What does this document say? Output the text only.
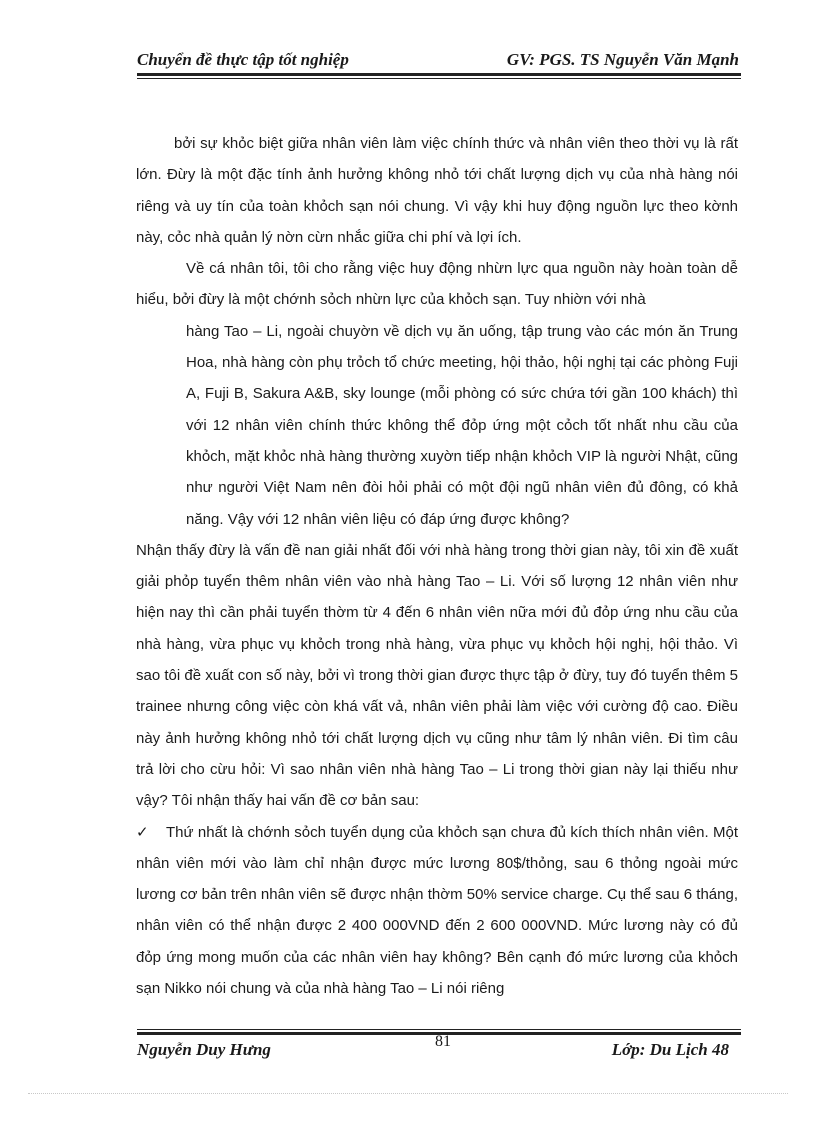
Chuyển đề thực tập tốt nghiệp	GV: PGS. TS Nguyễn Văn Mạnh

bởi sự khỏc biệt giữa nhân viên làm việc chính thức và nhân viên theo thời vụ là rất lớn. Đừy là một đặc tính ảnh hưởng không nhỏ tới chất lượng dịch vụ của nhà hàng nói riêng và uy tín của toàn khỏch sạn nói chung. Vì vậy khi huy động nguồn lực theo kờnh này, cỏc nhà quản lý nờn cừn nhắc giữa chi phí và lợi ích.

Về cá nhân tôi, tôi cho rằng việc huy động nhừn lực qua nguồn này hoàn toàn dễ hiểu, bởi đừy là một chớnh sỏch nhừn lực của khỏch sạn. Tuy nhiờn với nhà

hàng Tao – Li, ngoài chuyờn về dịch vụ ăn uống, tập trung vào các món ăn Trung Hoa, nhà hàng còn phụ trỏch tổ chức meeting, hội thảo, hội nghị tại các phòng Fuji A, Fuji B, Sakura A&B, sky lounge (mỗi phòng có sức chứa tới gần 100 khách) thì với 12 nhân viên chính thức không thể đỏp ứng một cỏch tốt nhất nhu cầu của khỏch, mặt khỏc nhà hàng thường xuyờn tiếp nhận khỏch VIP là người Nhật, cũng như người Việt Nam nên đòi hỏi phải có một đội ngũ nhân viên đủ đông, có khả năng. Vậy với 12 nhân viên liệu có đáp ứng được không?

Nhận thấy đừy là vấn đề nan giải nhất đối với nhà hàng trong thời gian này, tôi xin đề xuất giải phỏp tuyển thêm nhân viên vào nhà hàng Tao – Li. Với số lượng 12 nhân viên như hiện nay thì cần phải tuyển thờm từ 4 đến 6 nhân viên nữa mới đủ đỏp ứng nhu cầu của nhà hàng, vừa phục vụ khỏch trong nhà hàng, vừa phục vụ khỏch hội nghị, hội thảo. Vì sao tôi đề xuất con số này, bởi vì trong thời gian được thực tập ở đừy, tuy đó tuyển thêm 5 trainee nhưng công việc còn khá vất vả, nhân viên phải làm việc với cường độ cao. Điều này ảnh hưởng không nhỏ tới chất lượng dịch vụ cũng như tâm lý nhân viên. Đi tìm câu trả lời cho cừu hỏi: Vì sao nhân viên nhà hàng Tao – Li trong thời gian này lại thiếu như vậy? Tôi nhận thấy hai vấn đề cơ bản sau:

✓ Thứ nhất là chớnh sỏch tuyển dụng của khỏch sạn chưa đủ kích thích nhân viên. Một nhân viên mới vào làm chỉ nhận được mức lương 80$/thỏng, sau 6 thỏng ngoài mức lương cơ bản trên nhân viên sẽ được nhận thờm 50% service charge. Cụ thể sau 6 tháng, nhân viên có thể nhận được 2 400 000VND đến 2 600 000VND. Mức lương này có đủ đỏp ứng mong muốn của các nhân viên hay không? Bên cạnh đó mức lương của khỏch sạn Nikko nói chung và của nhà hàng Tao – Li nói riêng

Nguyễn Duy Hưng	81	Lớp: Du Lịch 48
